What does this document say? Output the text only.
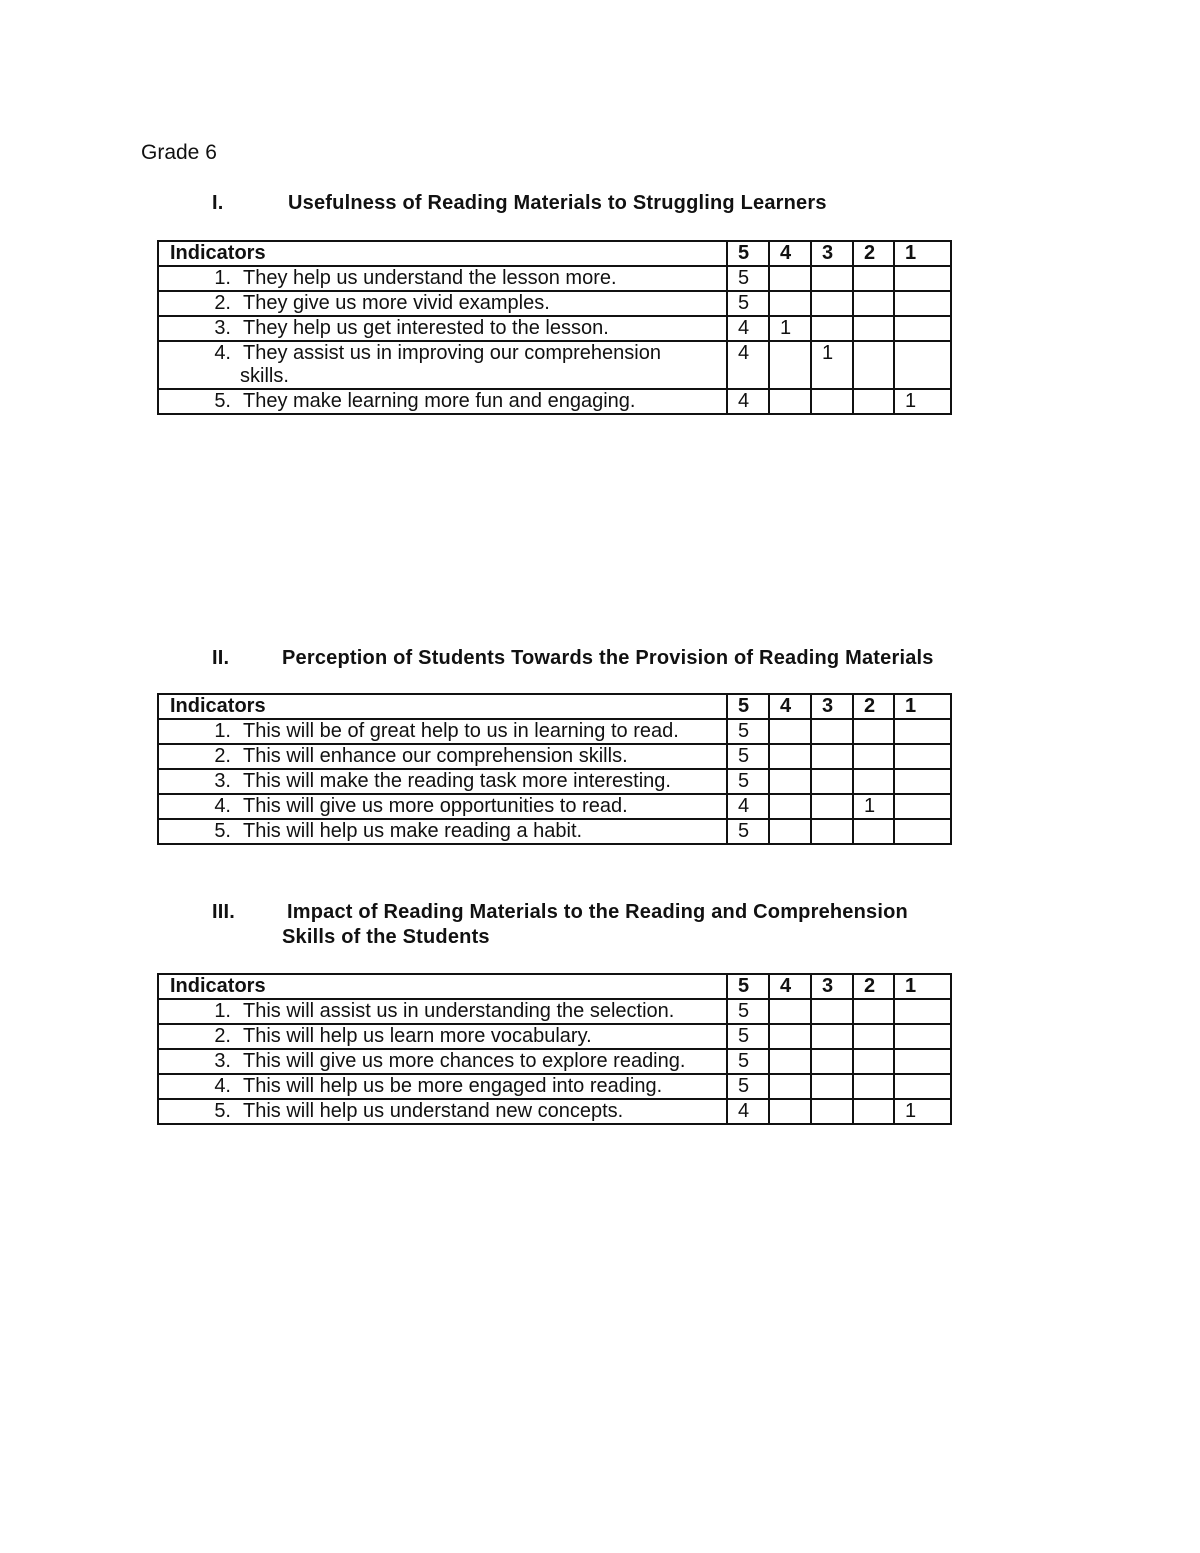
Grade 6
I.	Usefulness of Reading Materials to Struggling Learners
Indicators	5	4	3	2	1

1. They help us understand the lesson more.	5				

2. They give us more vivid examples.	5				

3. They help us get interested to the lesson.	4	1			

4. They assist us in improving our comprehension
skills.	4		1		

5. They make learning more fun and engaging.	4				1
II.	Perception of Students Towards the Provision of Reading Materials
Indicators	5	4	3	2	1

1. This will be of great help to us in learning to read.	5				

2. This will enhance our comprehension skills.	5				

3. This will make the reading task more interesting.	5				

4. This will give us more opportunities to read.	4			1	

5. This will help us make reading a habit.	5				
III.	Impact of Reading Materials to the Reading and Comprehension
Skills of the Students
Indicators	5	4	3	2	1

1. This will assist us in understanding the selection.	5				

2. This will help us learn more vocabulary.	5				

3. This will give us more chances to explore reading.	5				

4. This will help us be more engaged into reading.	5				

5. This will help us understand new concepts.	4				1
